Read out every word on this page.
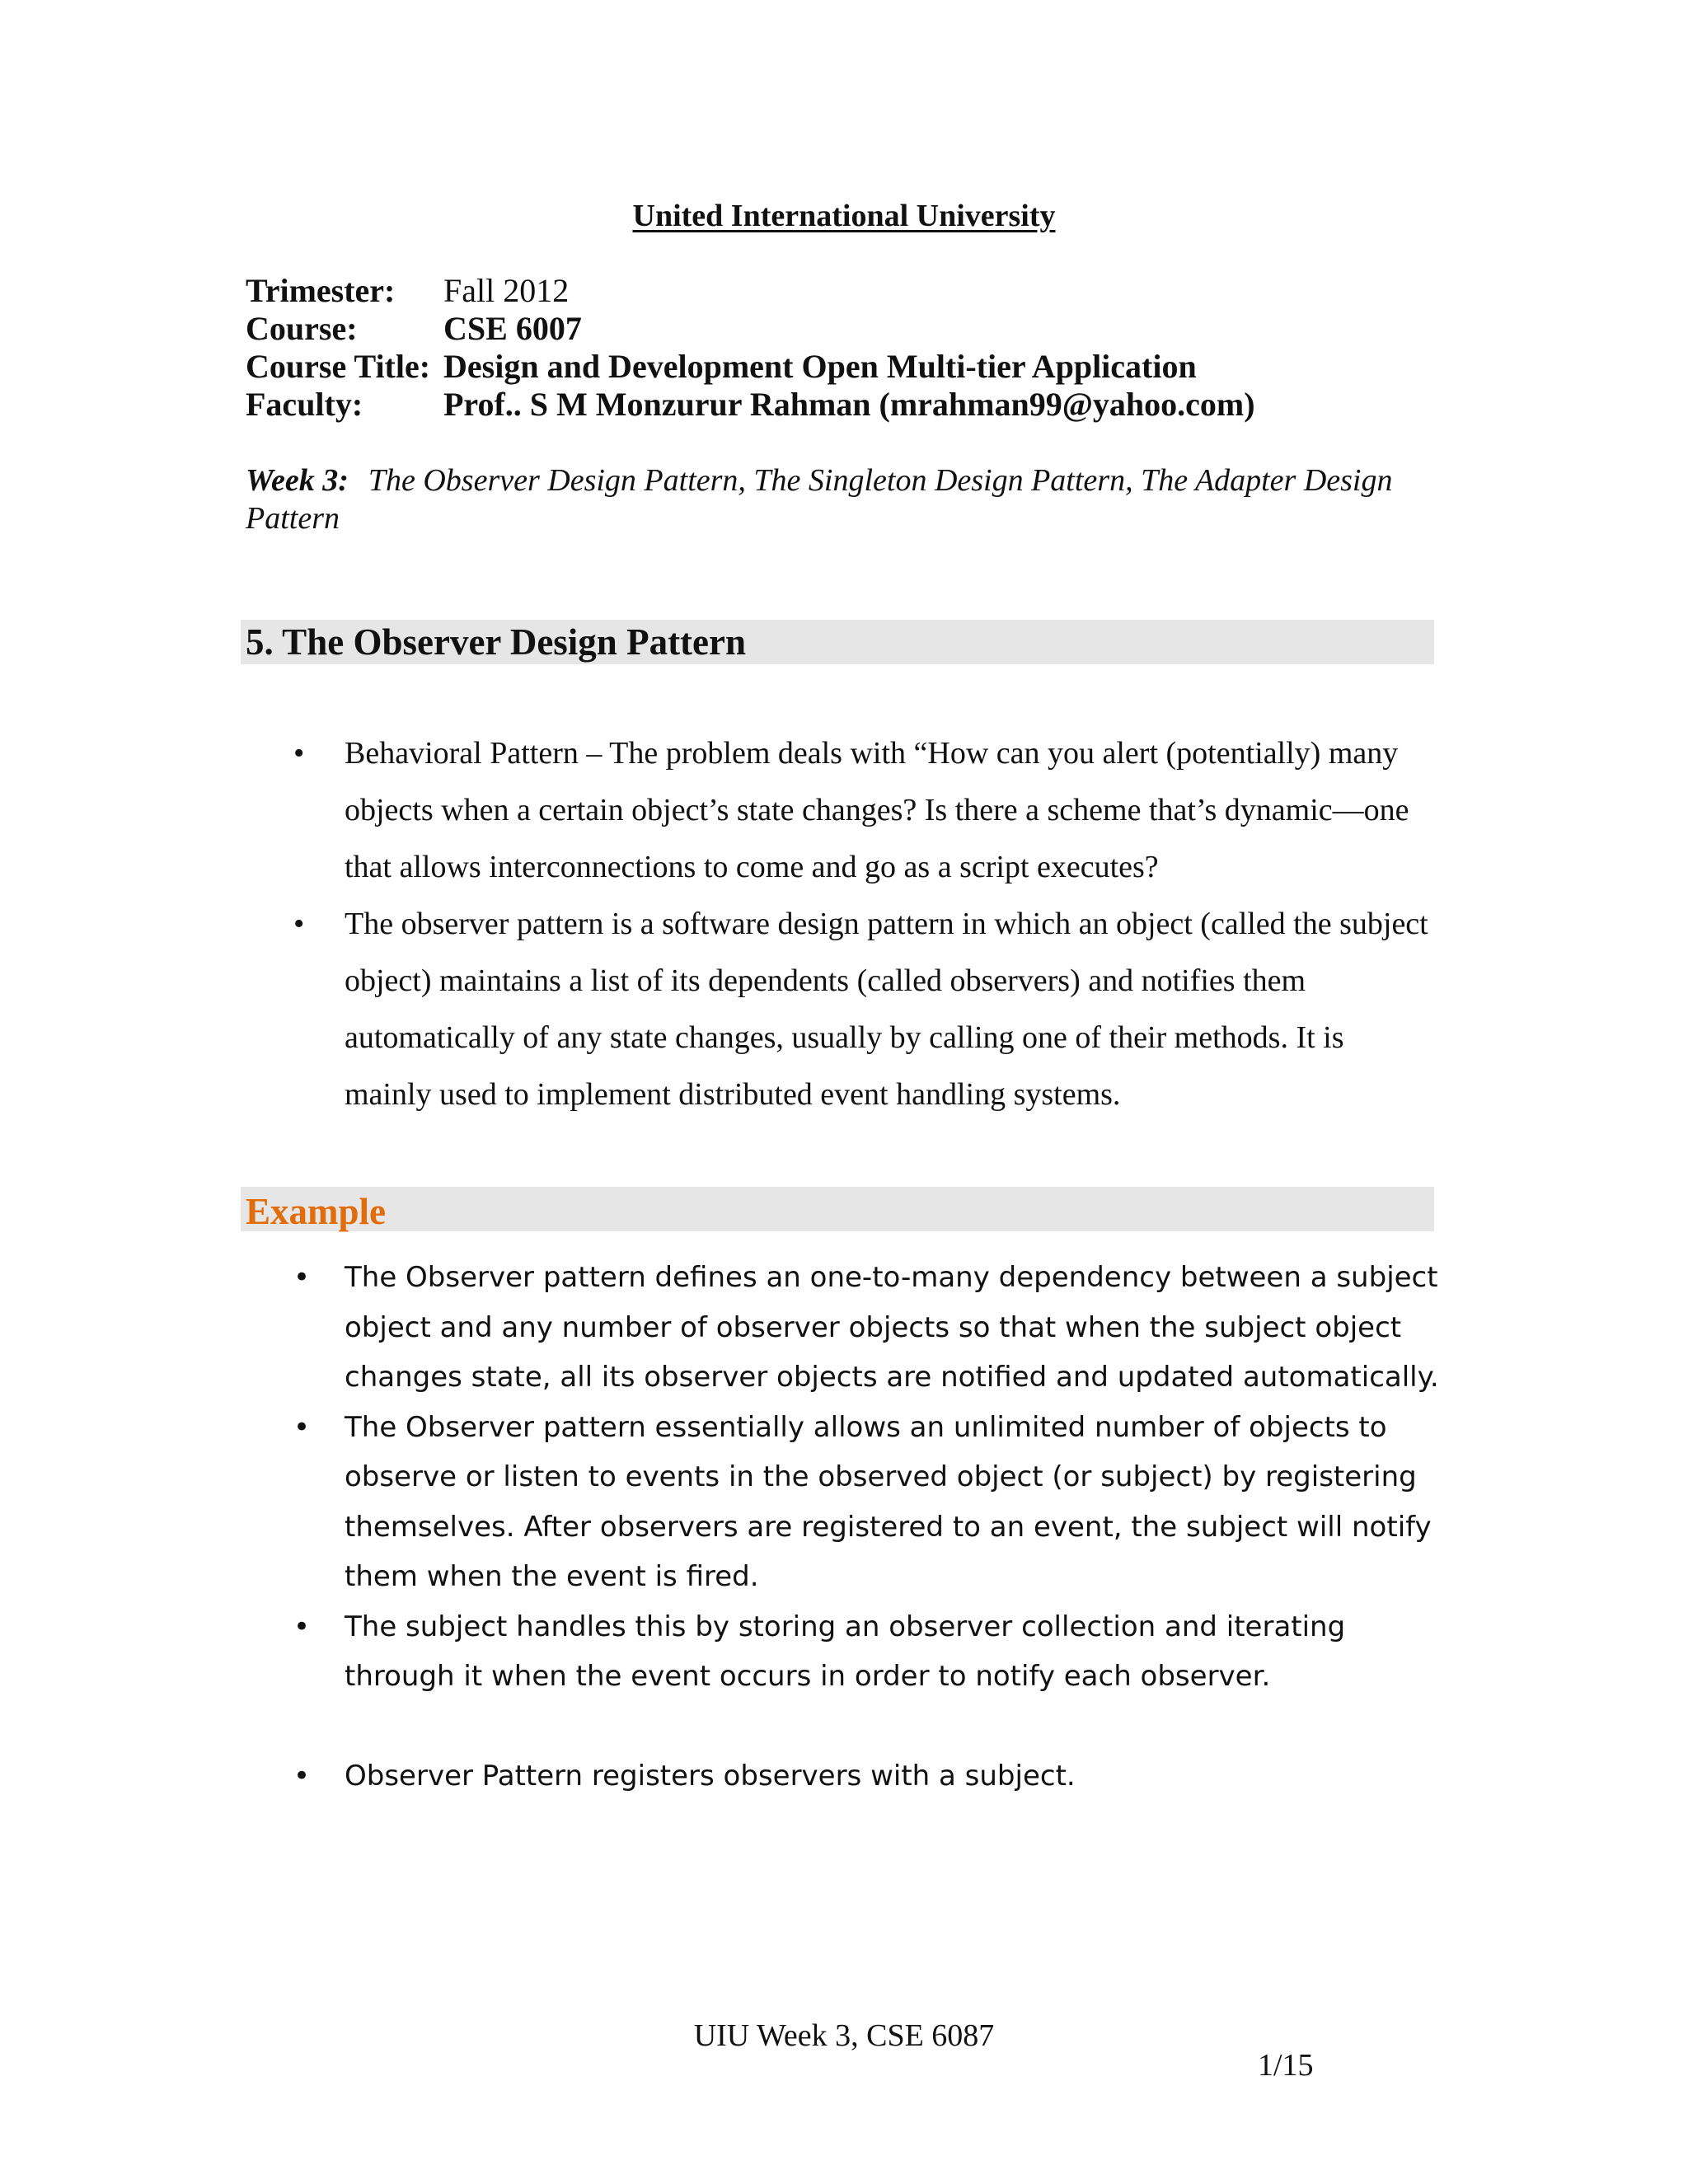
United International University
Trimester:	Fall 2012
Course:	CSE 6007
Course Title: Design and Development Open Multi-tier Application
Faculty:	Prof.. S M Monzurur Rahman (mrahman99@yahoo.com)
Week 3: The Observer Design Pattern, The Singleton Design Pattern, The Adapter Design Pattern
5. The Observer Design Pattern
• Behavioral Pattern – The problem deals with “How can you alert (potentially) many objects when a certain object’s state changes? Is there a scheme that’s dynamic—one that allows interconnections to come and go as a script executes?
• The observer pattern is a software design pattern in which an object (called the subject object) maintains a list of its dependents (called observers) and notifies them automatically of any state changes, usually by calling one of their methods. It is mainly used to implement distributed event handling systems.
Example
• The Observer pattern defines an one-to-many dependency between a subject object and any number of observer objects so that when the subject object changes state, all its observer objects are notified and updated automatically.
• The Observer pattern essentially allows an unlimited number of objects to observe or listen to events in the observed object (or subject) by registering themselves. After observers are registered to an event, the subject will notify them when the event is fired.
• The subject handles this by storing an observer collection and iterating through it when the event occurs in order to notify each observer.
• Observer Pattern registers observers with a subject.
UIU Week 3, CSE 6087
1/15
